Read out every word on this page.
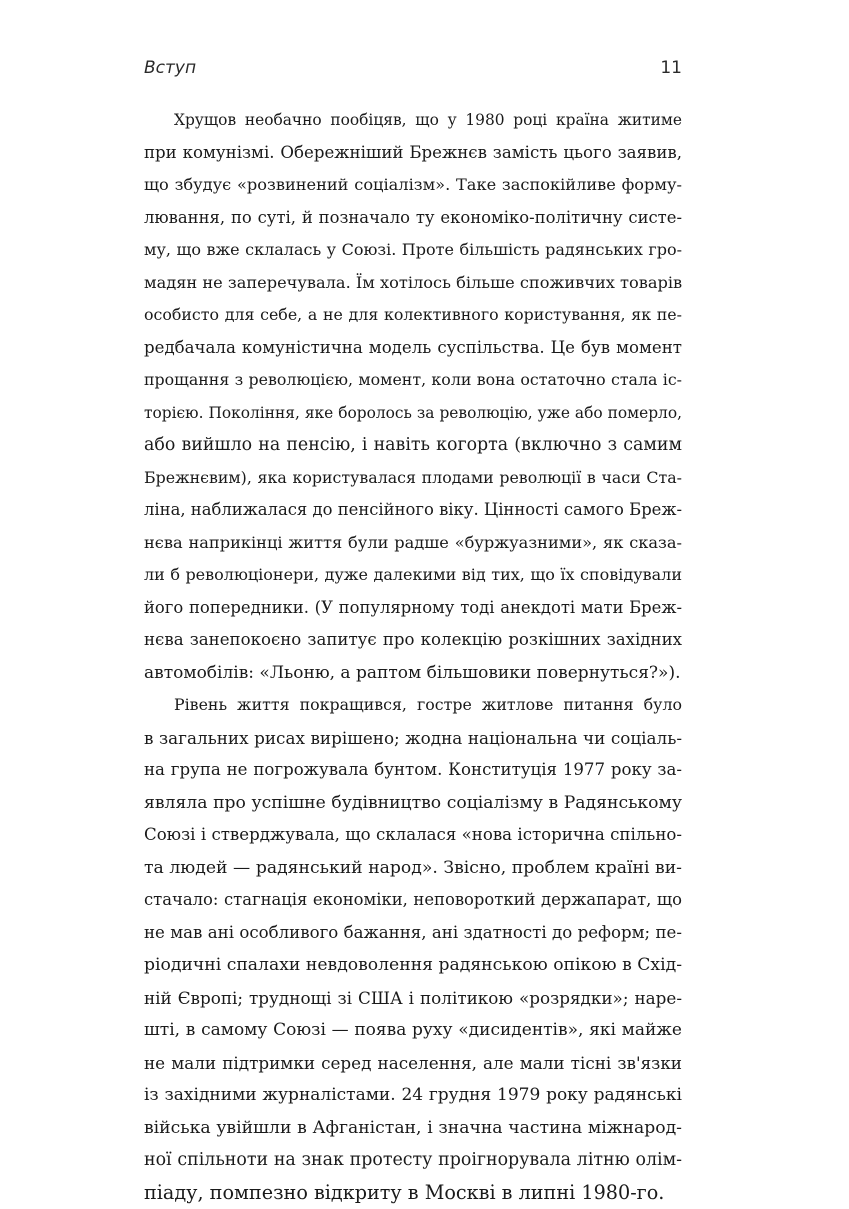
Вступ	11

Хрущов необачно пообіцяв, що у 1980 році країна житиме
при комунізмі. Обережніший Брежнєв замість цього заявив,
що збудує «розвинений соціалізм». Таке заспокійливе форму-
лювання, по суті, й позначало ту економіко-політичну систе-
му, що вже склалась у Союзі. Проте більшість радянських гро-
мадян не заперечувала. Їм хотілось більше споживчих товарів
особисто для себе, а не для колективного користування, як пе-
редбачала комуністична модель суспільства. Це був момент
прощання з революцією, момент, коли вона остаточно стала іс-
торією. Покоління, яке боролось за революцію, уже або померло,
або вийшло на пенсію, і навіть когорта (включно з самим
Брежнєвим), яка користувалася плодами революції в часи Ста-
ліна, наближалася до пенсійного віку. Цінності самого Бреж-
нєва наприкінці життя були радше «буржуазними», як сказа-
ли б революціонери, дуже далекими від тих, що їх сповідували
його попередники. (У популярному тоді анекдоті мати Бреж-
нєва занепокоєно запитує про колекцію розкішних західних
автомобілів: «Льоню, а раптом більшовики повернуться?»).

Рівень життя покращився, гостре житлове питання було
в загальних рисах вирішено; жодна національна чи соціаль-
на група не погрожувала бунтом. Конституція 1977 року за-
являла про успішне будівництво соціалізму в Радянському
Союзі і стверджувала, що склалася «нова історична спільно-
та людей — радянський народ». Звісно, проблем країні ви-
стачало: стагнація економіки, неповороткий держапарат, що
не мав ані особливого бажання, ані здатності до реформ; пе-
ріодичні спалахи невдоволення радянською опікою в Схід-
ній Європі; труднощі зі США і політикою «розрядки»; наре-
шті, в самому Союзі — поява руху «дисидентів», які майже
не мали підтримки серед населення, але мали тісні зв'язки
із західними журналістами. 24 грудня 1979 року радянські
війська увійшли в Афганістан, і значна частина міжнарод-
ної спільноти на знак протесту проігнорувала літню олім-
піаду, помпезно відкриту в Москві в липні 1980-го.
